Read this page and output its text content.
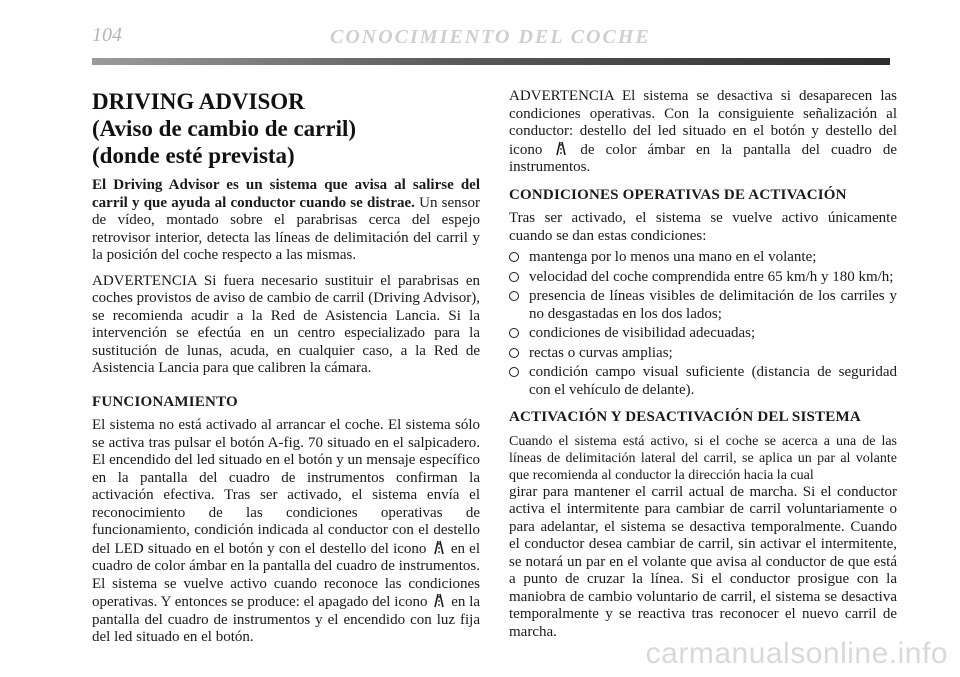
104	CONOCIMIENTO DEL COCHE
DRIVING ADVISOR
(Aviso de cambio de carril)
(donde esté prevista)

El Driving Advisor es un sistema que avisa al salirse del carril y que ayuda al conductor cuando se distrae. Un sensor de vídeo, montado sobre el parabrisas cerca del espejo retrovisor interior, detecta las líneas de delimitación del carril y la posición del coche respecto a las mismas.

ADVERTENCIA Si fuera necesario sustituir el parabrisas en coches provistos de aviso de cambio de carril (Driving Advisor), se recomienda acudir a la Red de Asistencia Lancia. Si la intervención se efectúa en un centro especializado para la sustitución de lunas, acuda, en cualquier caso, a la Red de Asistencia Lancia para que calibren la cámara.

FUNCIONAMIENTO

El sistema no está activado al arrancar el coche. El sistema sólo se activa tras pulsar el botón A-fig. 70 situado en el salpicadero. El encendido del led situado en el botón y un mensaje específico en la pantalla del cuadro de instrumentos confirman la activación efectiva. Tras ser activado, el sistema envía el reconocimiento de las condiciones operativas de funcionamiento, condición indicada al conductor con el destello del LED situado en el botón y con el destello del icono en el cuadro de color ámbar en la pantalla del cuadro de instrumentos. El sistema se vuelve activo cuando reconoce las condiciones operativas. Y entonces se produce: el apagado del icono en la pantalla del cuadro de instrumentos y el encendido con luz fija del led situado en el botón.

ADVERTENCIA El sistema se desactiva si desaparecen las condiciones operativas. Con la consiguiente señalización al conductor: destello del led situado en el botón y destello del icono	de color ámbar en la pantalla del cuadro de instrumentos.

CONDICIONES OPERATIVAS DE ACTIVACIÓN

Tras ser activado, el sistema se vuelve activo únicamente cuando se dan estas condiciones:

mantenga por lo menos una mano en el volante;
velocidad del coche comprendida entre 65 km/h y 180 km/h;
presencia de líneas visibles de delimitación de los carriles y no desgastadas en los dos lados;
condiciones de visibilidad adecuadas;
rectas o curvas amplias;
condición campo visual suficiente (distancia de seguridad con el vehículo de delante).
ACTIVACIÓN Y DESACTIVACIÓN DEL SISTEMA

Cuando el sistema está activo, si el coche se acerca a una de las líneas de delimitación lateral del carril, se aplica un par al volante que recomienda al conductor la dirección hacia la cual

girar para mantener el carril actual de marcha. Si el conductor activa el intermitente para cambiar de carril voluntariamente o para adelantar, el sistema se desactiva temporalmente. Cuando el conductor desea cambiar de carril, sin activar el intermitente, se notará un par en el volante que avisa al conductor de que está a punto de cruzar la línea. Si el conductor prosigue con la maniobra de cambio voluntario de carril, el sistema se desactiva temporalmente y se reactiva tras reconocer el nuevo carril de marcha.

carmanualsonline.info
